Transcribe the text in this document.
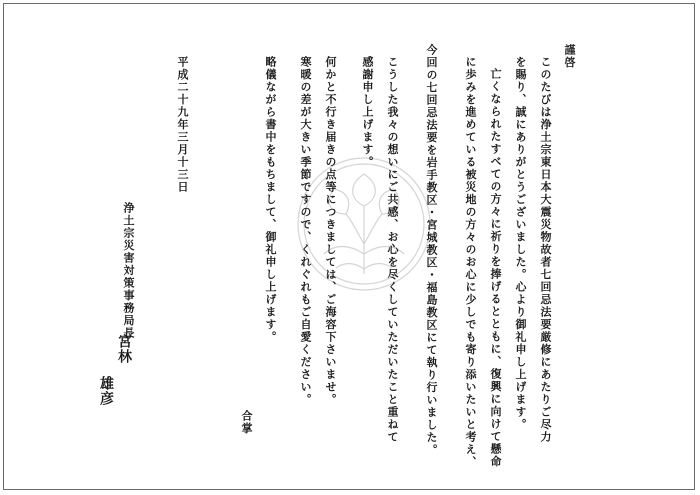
謹啓
このたびは浄土宗東日本大震災物故者七回忌法要厳修にあたりご尽力
を賜り、誠にありがとうございました。心より御礼申し上げます。
亡くなられたすべての方々に祈りを捧げるとともに、復興に向けて懸命
に歩みを進めている被災地の方々のお心に少しでも寄り添いたいと考え、
今回の七回忌法要を岩手教区・宮城教区・福島教区にて執り行いました。
こうした我々の想いにご共感、お心を尽くしていただいたこと重ねて
感謝申し上げます。
何かと不行き届きの点等につきましては、ご海容下さいませ。
寒暖の差が大きい季節ですので、くれぐれもご自愛ください。
略儀ながら書中をもちまして、御礼申し上げます。
合掌
平成二十九年三月十三日
浄土宗災害対策事務局長
宮林
雄彦
